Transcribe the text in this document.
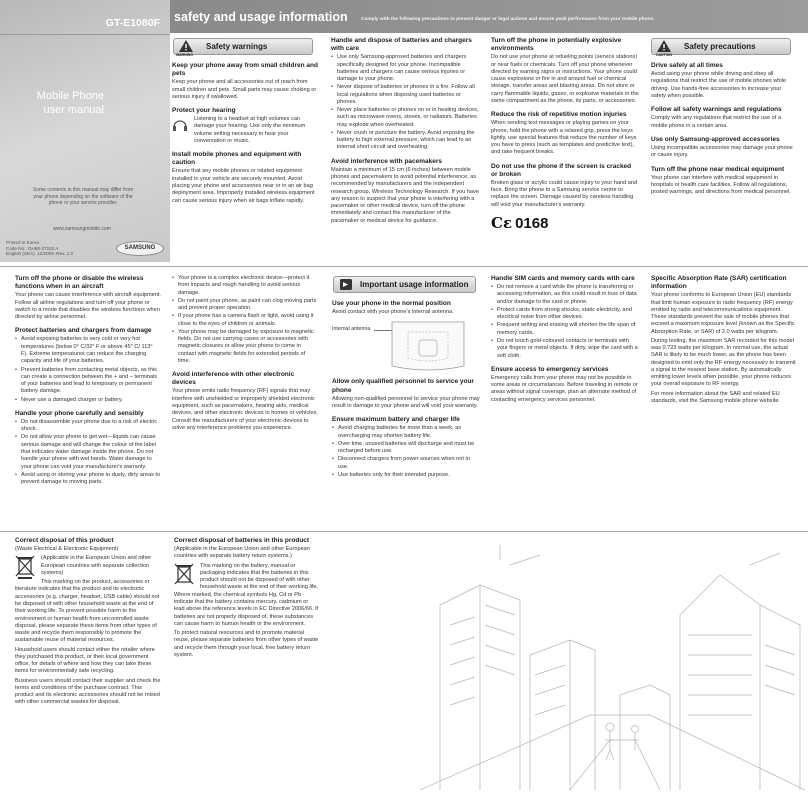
GT-E1080F
Mobile Phone
user manual
Some contents in this manual may differ from your phone depending on the software of the phone or your service provider.
www.samsungmobile.com
Printed in Korea
Code No.: GH68-27162 A
English (SEA). 12/2009. Rev. 1.0
SAMSUNG
safety and usage information	Comply with the following precautions to prevent danger or legal actions and ensure peak performance from your mobile phone.
WARNING
Safety warnings
Keep your phone away from small children and pets
Keep your phone and all accessories out of reach from small children and pets. Small parts may cause choking or serious injury if swallowed.
Protect your hearing
Listening to a headset at high volumes can damage your hearing. Use only the minimum volume setting necessary to hear your conversation or music.
Install mobile phones and equipment with caution
Ensure that any mobile phones or related equipment installed in your vehicle are securely mounted. Avoid placing your phone and accessories near or in an air bag deployment area. Improperly installed wireless equipment can cause serious injury when air bags inflate rapidly.
Handle and dispose of batteries and chargers with care
• Use only Samsung-approved batteries and chargers specifically designed for your phone. Incompatible batteries and chargers can cause serious injuries or damage to your phone.
• Never dispose of batteries or phones in a fire. Follow all local regulations when disposing used batteries or phones.
• Never place batteries or phones on or in heating devices, such as microwave ovens, stoves, or radiators. Batteries may explode when overheated.
• Never crush or puncture the battery. Avoid exposing the battery to high external pressure, which can lead to an internal short circuit and overheating.
Avoid interference with pacemakers
Maintain a minimum of 15 cm (6 inches) between mobile phones and pacemakers to avoid potential interference, as recommended by manufacturers and the independent research group, Wireless Technology Research. If you have any reason to suspect that your phone is interfering with a pacemaker or other medical device, turn off the phone immediately and contact the manufacturer of the pacemaker or medical device for guidance.
Turn off the phone in potentially explosive environments
Do not use your phone at refueling points (service stations) or near fuels or chemicals. Turn off your phone whenever directed by warning signs or instructions. Your phone could cause explosions or fire in and around fuel or chemical storage, transfer areas and blasting areas. Do not store or carry flammable liquids, gases, or explosive materials in the same compartment as the phone, its parts, or accessories.
Reduce the risk of repetitive motion injuries
When sending text messages or playing games on your phone, hold the phone with a relaxed grip, press the keys lightly, use special features that reduce the number of keys you have to press (such as templates and predictive text), and take frequent breaks.
Do not use the phone if the screen is cracked or broken
Broken glass or acrylic could cause injury to your hand and face. Bring the phone to a Samsung service centre to replace the screen. Damage caused by careless handling will void your manufacturer's warranty.
Cε 0168
CAUTION
Safety precautions
Drive safely at all times
Avoid using your phone while driving and obey all regulations that restrict the use of mobile phones while driving. Use hands-free accessories to increase your safety when possible.
Follow all safety warnings and regulations
Comply with any regulations that restrict the use of a mobile phone in a certain area.
Use only Samsung-approved accessories
Using incompatible accessories may damage your phone or cause injury.
Turn off the phone near medical equipment
Your phone can interfere with medical equipment in hospitals or health care facilities. Follow all regulations, posted warnings, and directions from medical personnel.
Turn off the phone or disable the wireless functions when in an aircraft
Your phone can cause interference with aircraft equipment. Follow all airline regulations and turn off your phone or switch to a mode that disables the wireless functions when directed by airline personnel.
Protect batteries and chargers from damage
• Avoid exposing batteries to very cold or very hot temperatures (below 0° C/32° F or above 45° C/ 113° F). Extreme temperatures can reduce the charging capacity and life of your batteries.
• Prevent batteries from contacting metal objects, as this can create a connection between the + and – terminals of your batteries and lead to temporary or permanent battery damage.
• Never use a damaged charger or battery.
Handle your phone carefully and sensibly
• Do not disassemble your phone due to a risk of electric shock.
• Do not allow your phone to get wet—liquids can cause serious damage and will change the colour of the label that indicates water damage inside the phone. Do not handle your phone with wet hands. Water damage to your phone can void your manufacturer's warranty.
• Avoid using or storing your phone in dusty, dirty areas to prevent damage to moving parts.
• Your phone is a complex electronic device—protect it from impacts and rough handling to avoid serious damage.
• Do not paint your phone, as paint can clog moving parts and prevent proper operation.
• If your phone has a camera flash or light, avoid using it close to the eyes of children or animals.
• Your phone may be damaged by exposure to magnetic fields. Do not use carrying cases or accessories with magnetic closures or allow your phone to come in contact with magnetic fields for extended periods of time.
Avoid interference with other electronic devices
Your phone emits radio frequency (RF) signals that may interfere with unshielded or improperly shielded electronic equipment, such as pacemakers, hearing aids, medical devices, and other electronic devices in homes or vehicles. Consult the manufacturers of your electronic devices to solve any interference problems you experience.
Important usage information
Use your phone in the normal position
Avoid contact with your phone's internal antenna.
Internal antenna
Allow only qualified personnel to service your phone
Allowing non-qualified personnel to service your phone may result in damage to your phone and will void your warranty.
Ensure maximum battery and charger life
• Avoid charging batteries for more than a week, as overcharging may shorten battery life.
• Over time, unused batteries will discharge and must be recharged before use.
• Disconnect chargers from power sources when not in use.
• Use batteries only for their intended purpose.
Handle SIM cards and memory cards with care
• Do not remove a card while the phone is transferring or accessing information, as this could result in loss of data and/or damage to the card or phone.
• Protect cards from strong shocks, static electricity, and electrical noise from other devices.
• Frequent writing and erasing will shorten the life span of memory cards.
• Do not touch gold-coloured contacts or terminals with your fingers or metal objects. If dirty, wipe the card with a soft cloth.
Ensure access to emergency services
Emergency calls from your phone may not be possible in some areas or circumstances. Before traveling in remote or areas without signal coverage, plan an alternate method of contacting emergency services personnel.
Specific Absorption Rate (SAR) certification information
Your phone conforms to European Union (EU) standards that limit human exposure to radio frequency (RF) energy emitted by radio and telecommunications equipment. These standards prevent the sale of mobile phones that exceed a maximum exposure level (known as the Specific Absorption Rate, or SAR) of 2.0 watts per kilogram.
During testing, the maximum SAR recorded for this model was 0.723 watts per kilogram. In normal use, the actual SAR is likely to be much lower, as the phone has been designed to emit only the RF energy necessary to transmit a signal to the nearest base station. By automatically emitting lower levels when possible, your phone reduces your overall exposure to RF energy.
For more information about the SAR and related EU standards, visit the Samsung mobile phone website.
Correct disposal of this product
(Waste Electrical & Electronic Equipment)
(Applicable in the European Union and other European countries with separate collection systems)
This marking on the product, accessories or literature indicates that the product and its electronic accessories (e.g. charger, headset, USB cable) should not be disposed of with other household waste at the end of their working life. To prevent possible harm to the environment or human health from uncontrolled waste disposal, please separate these items from other types of waste and recycle them responsibly to promote the sustainable reuse of material resources.
Household users should contact either the retailer where they purchased this product, or their local government office, for details of where and how they can take these items for environmentally safe recycling.
Business users should contact their supplier and check the terms and conditions of the purchase contract. This product and its electronic accessories should not be mixed with other commercial wastes for disposal.
Correct disposal of batteries in this product
(Applicable in the European Union and other European countries with separate battery return systems.)
This marking on the battery, manual or packaging indicates that the batteries in this product should not be disposed of with other household waste at the end of their working life. Where marked, the chemical symbols Hg, Cd or Pb indicate that the battery contains mercury, cadmium or lead above the reference levels in EC Directive 2006/66. If batteries are not properly disposed of, these substances can cause harm to human health or the environment.
To protect natural resources and to promote material reuse, please separate batteries from other types of waste and recycle them through your local, free battery return system.
